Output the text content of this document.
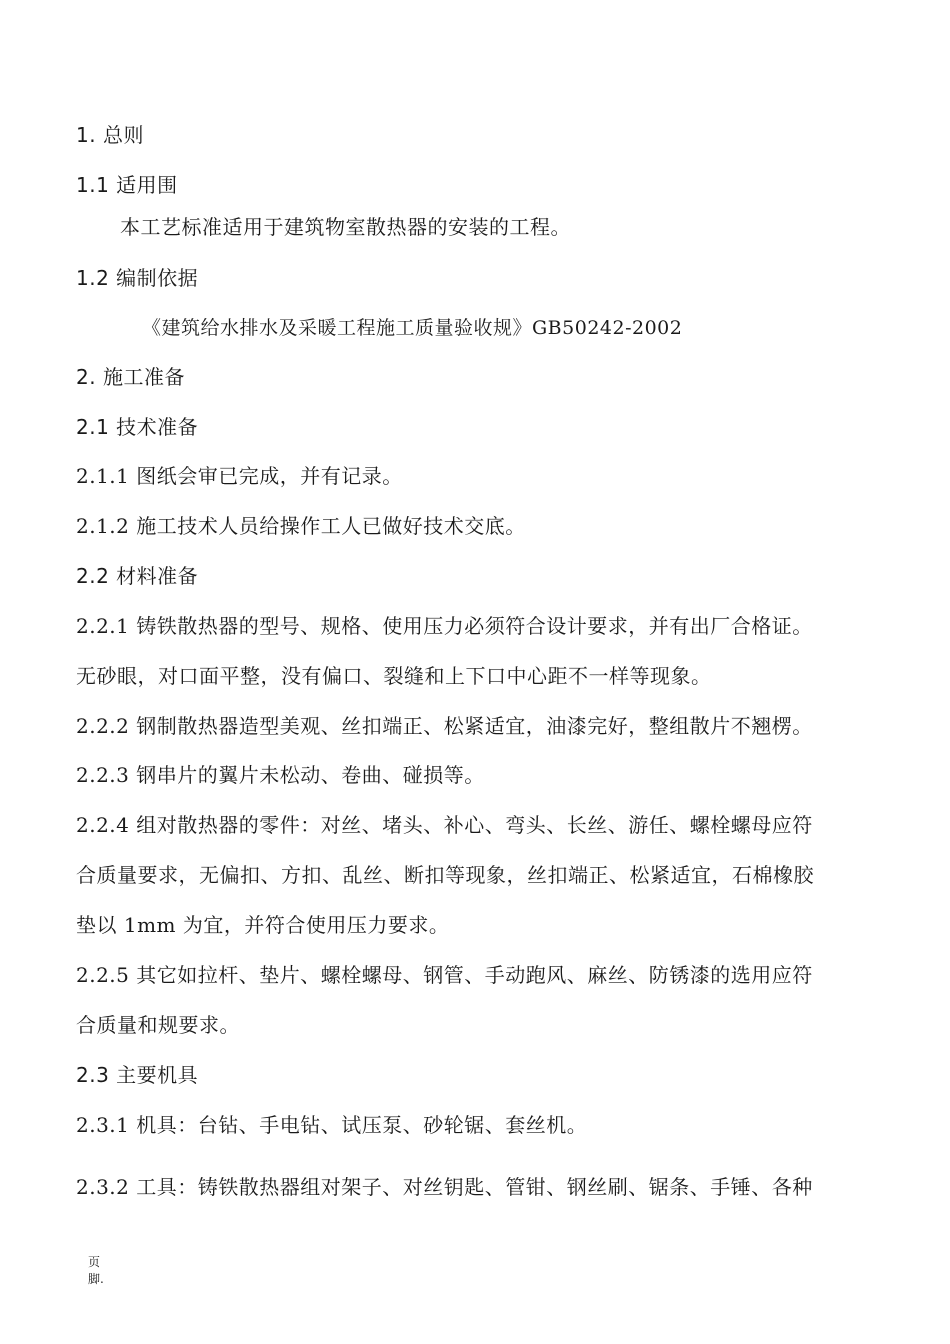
1. 总则
1.1 适用围
本工艺标准适用于建筑物室散热器的安装的工程。
1.2 编制依据
《建筑给水排水及采暖工程施工质量验收规》GB50242-2002
2. 施工准备
2.1 技术准备
2.1.1 图纸会审已完成，并有记录。
2.1.2 施工技术人员给操作工人已做好技术交底。
2.2 材料准备
2.2.1 铸铁散热器的型号、规格、使用压力必须符合设计要求，并有出厂合格证。
无砂眼，对口面平整，没有偏口、裂缝和上下口中心距不一样等现象。
2.2.2 钢制散热器造型美观、丝扣端正、松紧适宜，油漆完好，整组散片不翘楞。
2.2.3 钢串片的翼片未松动、卷曲、碰损等。
2.2.4 组对散热器的零件：对丝、堵头、补心、弯头、长丝、游任、螺栓螺母应符
合质量要求，无偏扣、方扣、乱丝、断扣等现象，丝扣端正、松紧适宜，石棉橡胶
垫以 1mm 为宜，并符合使用压力要求。
2.2.5 其它如拉杆、垫片、螺栓螺母、钢管、手动跑风、麻丝、防锈漆的选用应符
合质量和规要求。
2.3 主要机具
2.3.1 机具：台钻、手电钻、试压泵、砂轮锯、套丝机。
2.3.2 工具：铸铁散热器组对架子、对丝钥匙、管钳、钢丝刷、锯条、手锤、各种
页脚.
